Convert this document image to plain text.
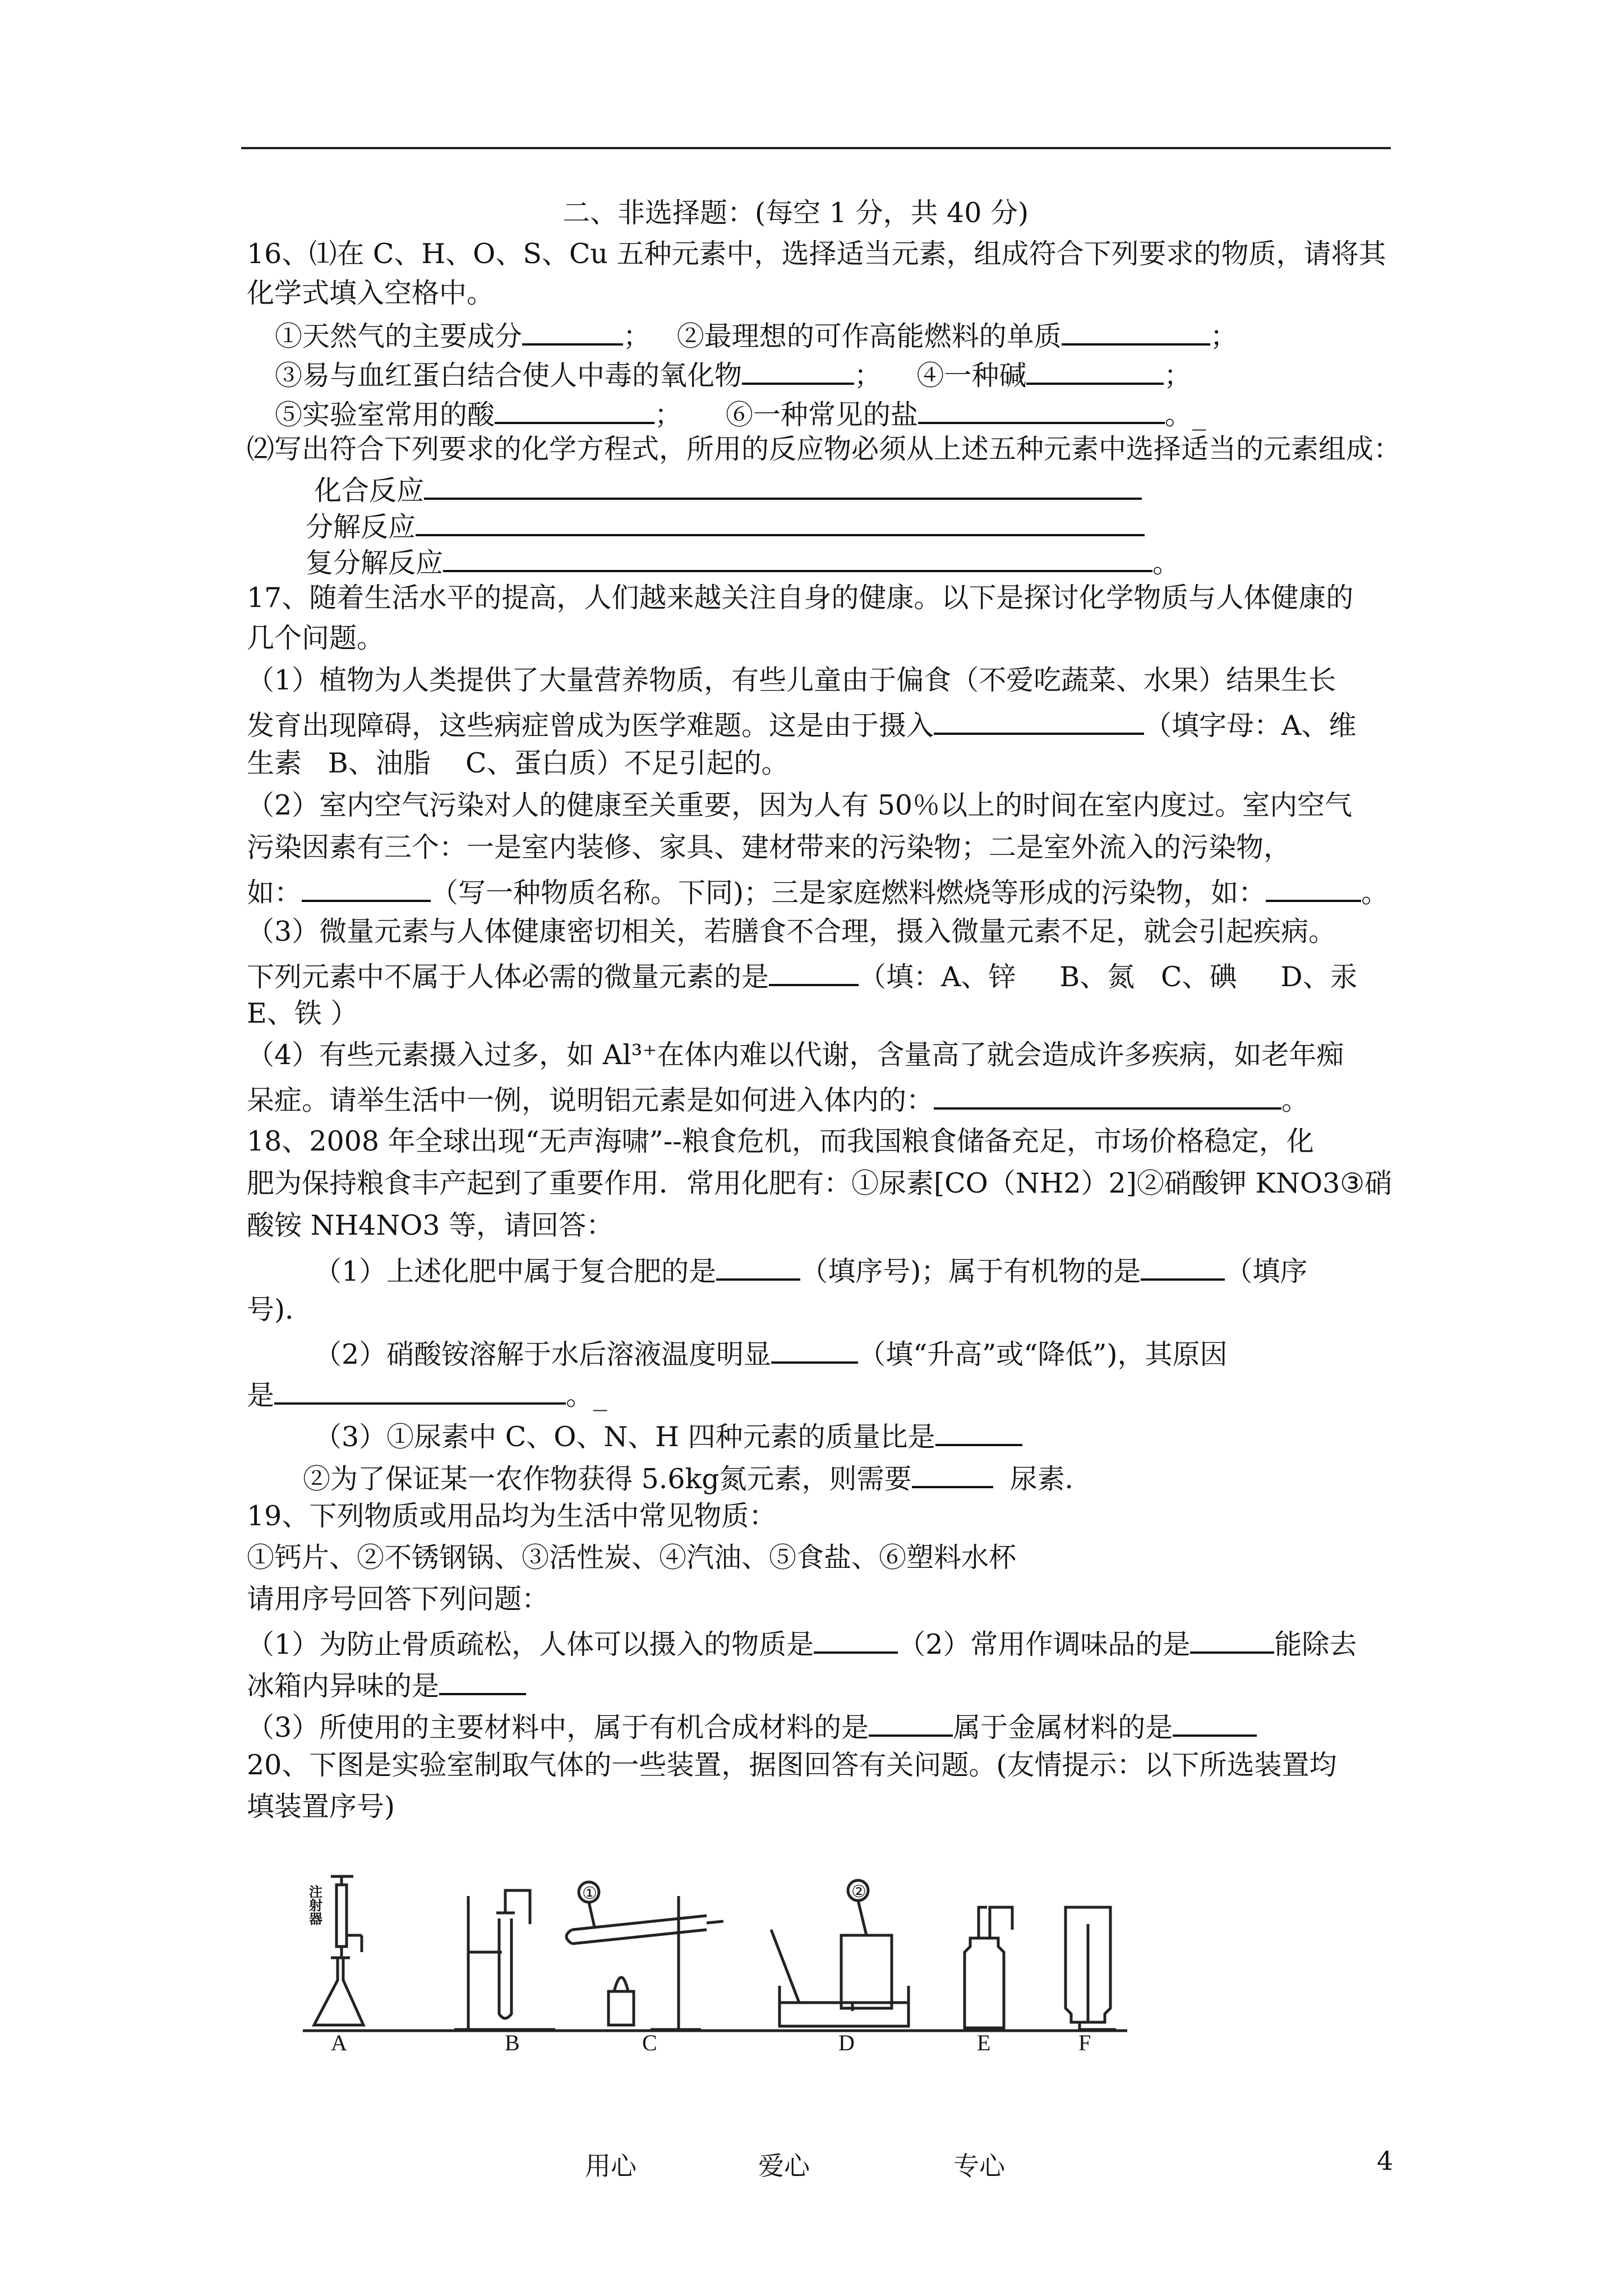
二、非选择题：(每空 1 分，共 40 分)
16、⑴在 C、H、O、S、Cu 五种元素中，选择适当元素，组成符合下列要求的物质，请将其
化学式填入空格中。
①天然气的主要成分	；   ②最理想的可作高能燃料的单质	；
③易与血红蛋白结合使人中毒的氧化物	；    ④一种碱	；
⑤实验室常用的酸	；     ⑥一种常见的盐	。_
⑵写出符合下列要求的化学方程式，所用的反应物必须从上述五种元素中选择适当的元素组成：
化合反应
分解反应
复分解反应	。
17、随着生活水平的提高，人们越来越关注自身的健康。以下是探讨化学物质与人体健康的
几个问题。
（1）植物为人类提供了大量营养物质，有些儿童由于偏食（不爱吃蔬菜、水果）结果生长
发育出现障碍，这些病症曾成为医学难题。这是由于摄入	（填字母：A、维
生素   B、油脂    C、蛋白质）不足引起的。
（2）室内空气污染对人的健康至关重要，因为人有 50％以上的时间在室内度过。室内空气
污染因素有三个：一是室内装修、家具、建材带来的污染物；二是室外流入的污染物，
如：	（写一种物质名称。下同)；三是家庭燃料燃烧等形成的污染物，如：	。
（3）微量元素与人体健康密切相关，若膳食不合理，摄入微量元素不足，就会引起疾病。
下列元素中不属于人体必需的微量元素的是	（填：A、锌     B、氮   C、碘     D、汞
E、铁 ）
（4）有些元素摄入过多，如 Al³⁺在体内难以代谢，含量高了就会造成许多疾病，如老年痴
呆症。请举生活中一例，说明铝元素是如何进入体内的：	。
18、2008 年全球出现“无声海啸”--粮食危机，而我国粮食储备充足，市场价格稳定，化
肥为保持粮食丰产起到了重要作用．常用化肥有：①尿素[CO（NH2）2]②硝酸钾 KNO3③硝
酸铵 NH4NO3 等，请回答：
（1）上述化肥中属于复合肥的是	（填序号)；属于有机物的是	（填序
号)．
（2）硝酸铵溶解于水后溶液温度明显	（填“升高”或“降低”)，其原因
是	。_
（3）①尿素中 C、O、N、H 四种元素的质量比是
②为了保证某一农作物获得 5.6kg氮元素，则需要	尿素．
19、下列物质或用品均为生活中常见物质：
①钙片、②不锈钢锅、③活性炭、④汽油、⑤食盐、⑥塑料水杯
请用序号回答下列问题：
（1）为防止骨质疏松，人体可以摄入的物质是	（2）常用作调味品的是	能除去
冰箱内异味的是
（3）所使用的主要材料中，属于有机合成材料的是	属于金属材料的是
20、下图是实验室制取气体的一些装置，据图回答有关问题。(友情提示：以下所选装置均
填装置序号)
A	B	C	D	E	F
①	②
注射器
用心	爱心	专心	4
